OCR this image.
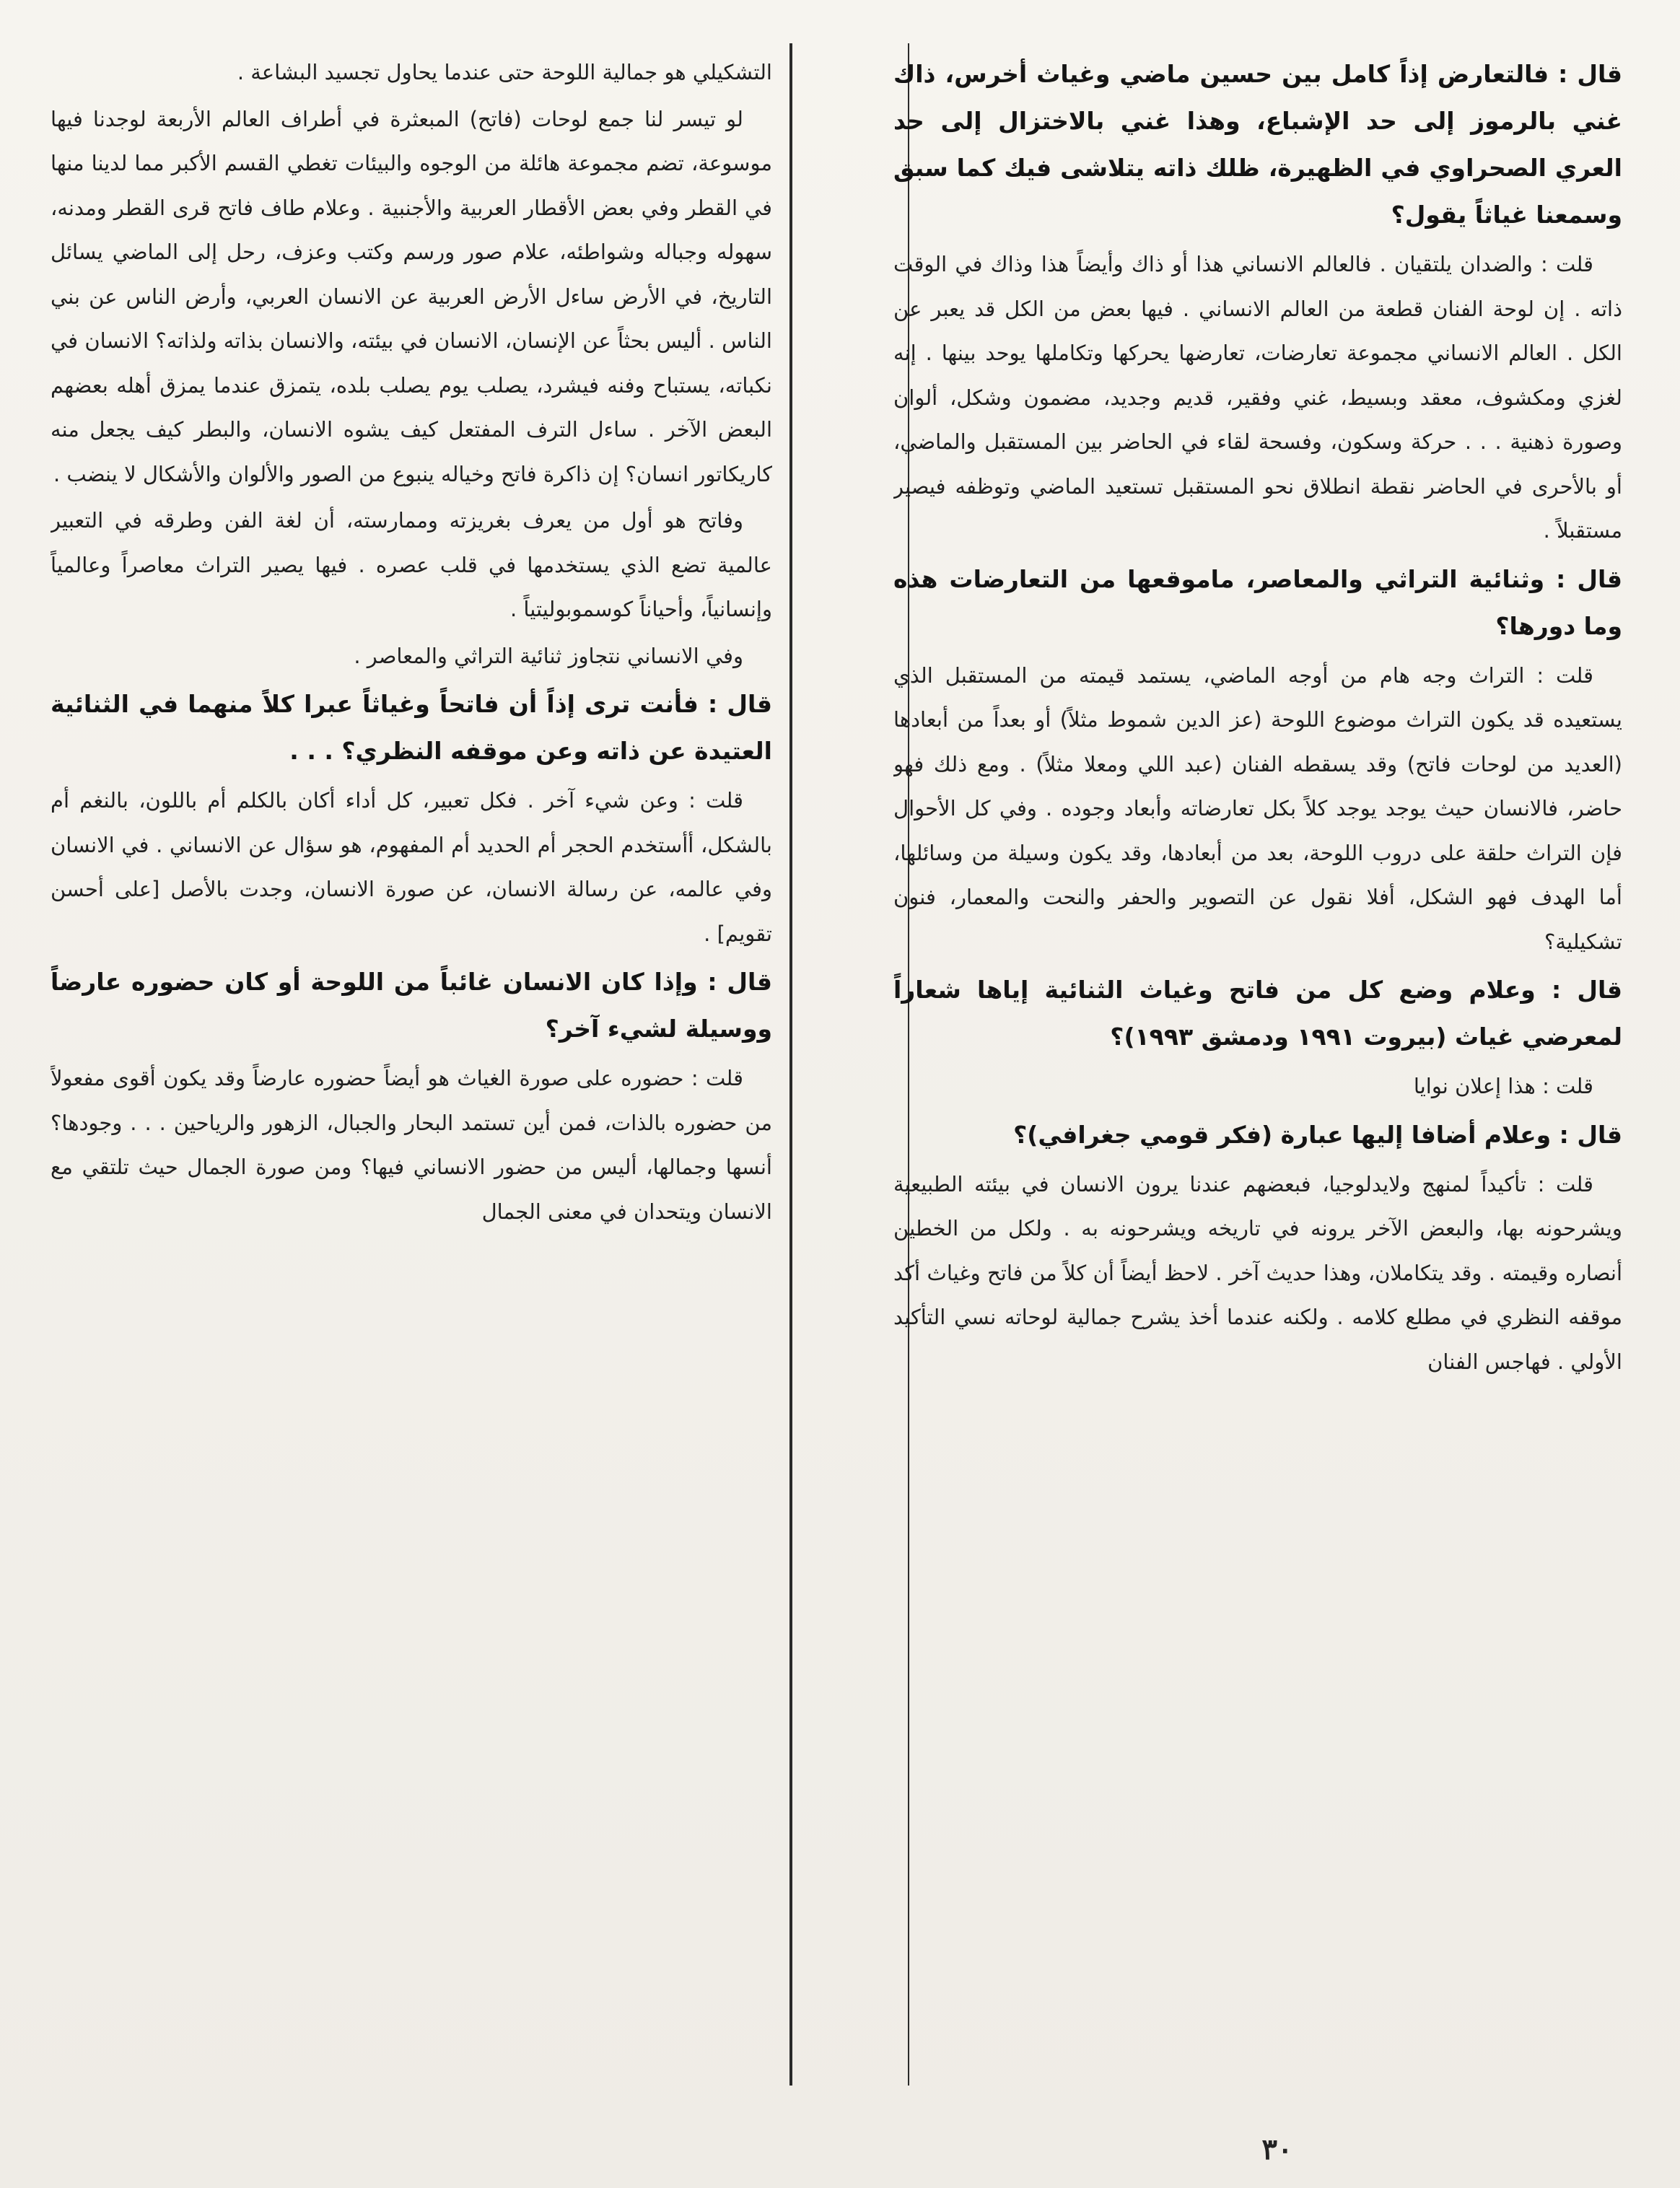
قال : فالتعارض إذاً كامل بين حسين ماضي وغياث أخرس، ذاك غني بالرموز إلى حد الإشباع، وهذا غني بالاختزال إلى حد العري الصحراوي في الظهيرة، ظلك ذاته يتلاشى فيك كما سبق وسمعنا غياثاً يقول؟

قلت : والضدان يلتقيان . فالعالم الانساني هذا أو ذاك وأيضاً هذا وذاك في الوقت ذاته . إن لوحة الفنان قطعة من العالم الانساني . فيها بعض من الكل قد يعبر عن الكل . العالم الانساني مجموعة تعارضات، تعارضها يحركها وتكاملها يوحد بينها . إنه لغزي ومكشوف، معقد وبسيط، غني وفقير، قديم وجديد، مضمون وشكل، ألوان وصورة ذهنية . . . حركة وسكون، وفسحة لقاء في الحاضر بين المستقبل والماضي، أو بالأحرى في الحاضر نقطة انطلاق نحو المستقبل تستعيد الماضي وتوظفه فيصير مستقبلاً .

قال : وثنائية التراثي والمعاصر، ماموقعها من التعارضات هذه وما دورها؟

قلت : التراث وجه هام من أوجه الماضي، يستمد قيمته من المستقبل الذي يستعيده قد يكون التراث موضوع اللوحة (عز الدين شموط مثلاً) أو بعداً من أبعادها (العديد من لوحات فاتح) وقد يسقطه الفنان (عبد اللي ومعلا مثلاً) . ومع ذلك فهو حاضر، فالانسان حيث يوجد يوجد كلاً بكل تعارضاته وأبعاد وجوده . وفي كل الأحوال فإن التراث حلقة على دروب اللوحة، بعد من أبعادها، وقد يكون وسيلة من وسائلها، أما الهدف فهو الشكل، أفلا نقول عن التصوير والحفر والنحت والمعمار، فنون تشكيلية؟

قال : وعلام وضع كل من فاتح وغياث الثنائية إياها شعاراً لمعرضي غياث (بيروت ١٩٩١ ودمشق ١٩٩٣)؟

قلت : هذا إعلان نوايا

قال : وعلام أضافا إليها عبارة (فكر قومي جغرافي)؟

قلت : تأكيداً لمنهج ولايدلوجيا، فبعضهم عندنا يرون الانسان في بيئته الطبيعية ويشرحونه بها، والبعض الآخر يرونه في تاريخه ويشرحونه به . ولكل من الخطين أنصاره وقيمته . وقد يتكاملان، وهذا حديث آخر . لاحظ أيضاً أن كلاً من فاتح وغياث أكد موقفه النظري في مطلع كلامه . ولكنه عندما أخذ يشرح جمالية لوحاته نسي التأكيد الأولي . فهاجس الفنان

التشكيلي هو جمالية اللوحة حتى عندما يحاول تجسيد البشاعة .

لو تيسر لنا جمع لوحات (فاتح) المبعثرة في أطراف العالم الأربعة لوجدنا فيها موسوعة، تضم مجموعة هائلة من الوجوه والبيئات تغطي القسم الأكبر مما لدينا منها في القطر وفي بعض الأقطار العربية والأجنبية . وعلام طاف فاتح قرى القطر ومدنه، سهوله وجباله وشواطئه، علام صور ورسم وكتب وعزف، رحل إلى الماضي يسائل التاريخ، في الأرض ساءل الأرض العربية عن الانسان العربي، وأرض الناس عن بني الناس . أليس بحثاً عن الإنسان، الانسان في بيئته، والانسان بذاته ولذاته؟ الانسان في نكباته، يستباح وفنه فيشرد، يصلب يوم يصلب بلده، يتمزق عندما يمزق أهله بعضهم البعض الآخر . ساءل الترف المفتعل كيف يشوه الانسان، والبطر كيف يجعل منه كاريكاتور انسان؟ إن ذاكرة فاتح وخياله ينبوع من الصور والألوان والأشكال لا ينضب .

وفاتح هو أول من يعرف بغريزته وممارسته، أن لغة الفن وطرقه في التعبير عالمية تضع الذي يستخدمها في قلب عصره . فيها يصير التراث معاصراً وعالمياً وإنسانياً، وأحياناً كوسموبوليتياً .

وفي الانساني نتجاوز ثنائية التراثي والمعاصر .

قال : فأنت ترى إذاً أن فاتحاً وغياثاً عبرا كلاً منهما في الثنائية العتيدة عن ذاته وعن موقفه النظري؟ . . .

قلت : وعن شيء آخر . فكل تعبير، كل أداء أكان بالكلم أم باللون، بالنغم أم بالشكل، أأستخدم الحجر أم الحديد أم المفهوم، هو سؤال عن الانساني . في الانسان وفي عالمه، عن رسالة الانسان، عن صورة الانسان، وجدت بالأصل [على أحسن تقويم] .

قال : وإذا كان الانسان غائباً من اللوحة أو كان حضوره عارضاً ووسيلة لشيء آخر؟

قلت : حضوره على صورة الغياث هو أيضاً حضوره عارضاً وقد يكون أقوى مفعولاً من حضوره بالذات، فمن أين تستمد البحار والجبال، الزهور والرياحين . . . وجودها؟ أنسها وجمالها، أليس من حضور الانساني فيها؟ ومن صورة الجمال حيث تلتقي مع الانسان ويتحدان في معنى الجمال

٣٠
